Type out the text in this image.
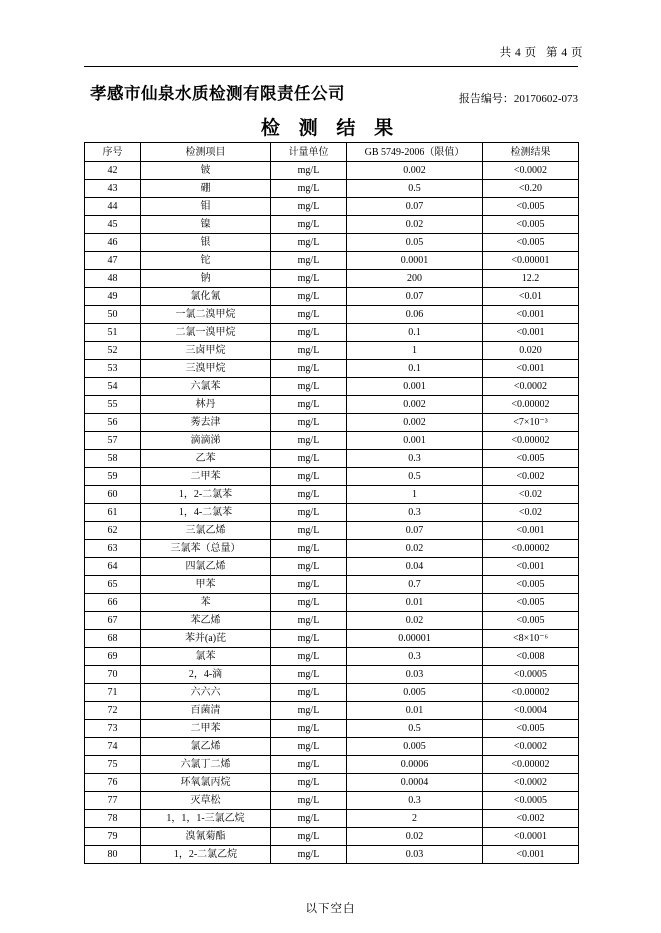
共 4 页 第 4 页
孝感市仙泉水质检测有限责任公司	报告编号：20170602-073
检 测 结 果
序号	检测项目	计量单位	GB 5749-2006（限值）	检测结果
42	铍	mg/L	0.002	<0.0002
43	硼	mg/L	0.5	<0.20
44	钼	mg/L	0.07	<0.005
45	镍	mg/L	0.02	<0.005
46	银	mg/L	0.05	<0.005
47	铊	mg/L	0.0001	<0.00001
48	钠	mg/L	200	12.2
49	氯化氰	mg/L	0.07	<0.01
50	一氯二溴甲烷	mg/L	0.06	<0.001
51	二氯一溴甲烷	mg/L	0.1	<0.001
52	三卤甲烷	mg/L	1	0.020
53	三溴甲烷	mg/L	0.1	<0.001
54	六氯苯	mg/L	0.001	<0.0002
55	林丹	mg/L	0.002	<0.00002
56	莠去津	mg/L	0.002	<7×10⁻³
57	滴滴涕	mg/L	0.001	<0.00002
58	乙苯	mg/L	0.3	<0.005
59	二甲苯	mg/L	0.5	<0.002
60	1，2-二氯苯	mg/L	1	<0.02
61	1，4-二氯苯	mg/L	0.3	<0.02
62	三氯乙烯	mg/L	0.07	<0.001
63	三氯苯（总量）	mg/L	0.02	<0.00002
64	四氯乙烯	mg/L	0.04	<0.001
65	甲苯	mg/L	0.7	<0.005
66	苯	mg/L	0.01	<0.005
67	苯乙烯	mg/L	0.02	<0.005
68	苯并(a)芘	mg/L	0.00001	<8×10⁻⁶
69	氯苯	mg/L	0.3	<0.008
70	2，4-滴	mg/L	0.03	<0.0005
71	六六六	mg/L	0.005	<0.00002
72	百菌清	mg/L	0.01	<0.0004
73	二甲苯	mg/L	0.5	<0.005
74	氯乙烯	mg/L	0.005	<0.0002
75	六氯丁二烯	mg/L	0.0006	<0.00002
76	环氧氯丙烷	mg/L	0.0004	<0.0002
77	灭草松	mg/L	0.3	<0.0005
78	1，1，1-三氯乙烷	mg/L	2	<0.002
79	溴氰菊酯	mg/L	0.02	<0.0001
80	1，2-二氯乙烷	mg/L	0.03	<0.001
以下空白
